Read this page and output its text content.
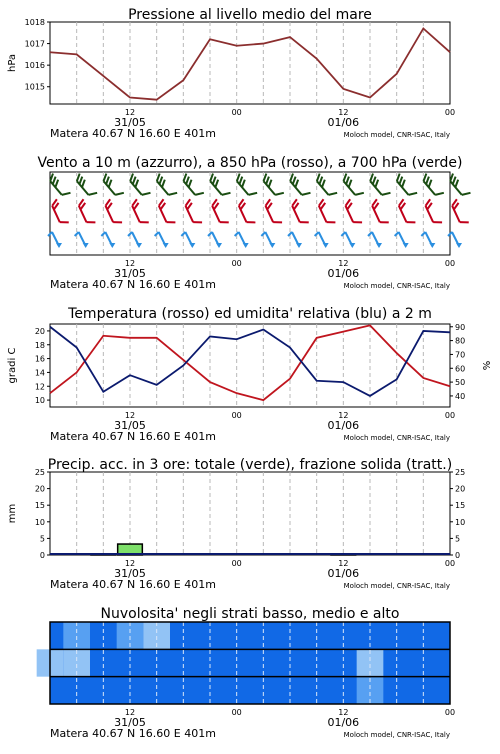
Pressione al livello medio del mare
1015
1016
1017
1018
hPa
12
31/05
00	12
01/06
00
Matera 40.67 N 16.60 E 401m	Moloch model, CNR-ISAC, Italy
Vento a 10 m (azzurro), a 850 hPa (rosso), a 700 hPa (verde)
12
31/05
00	12
01/06
00
Matera 40.67 N 16.60 E 401m	Moloch model, CNR-ISAC, Italy
Temperatura (rosso) ed umidita' relativa (blu) a 2 m
10
12
14
16
18
20
40
50
60
70
80
90
gradi C	%
12
31/05
00	12
01/06
00
Matera 40.67 N 16.60 E 401m	Moloch model, CNR-ISAC, Italy
Precip. acc. in 3 ore: totale (verde), frazione solida (tratt.)
0	0
5	5
10	10
15	15
20	20
25	25
mm
12
31/05
00	12
01/06
00
Matera 40.67 N 16.60 E 401m	Moloch model, CNR-ISAC, Italy
Nuvolosita' negli strati basso, medio e alto
12
31/05
00	12
01/06
00
Matera 40.67 N 16.60 E 401m	Moloch model, CNR-ISAC, Italy
